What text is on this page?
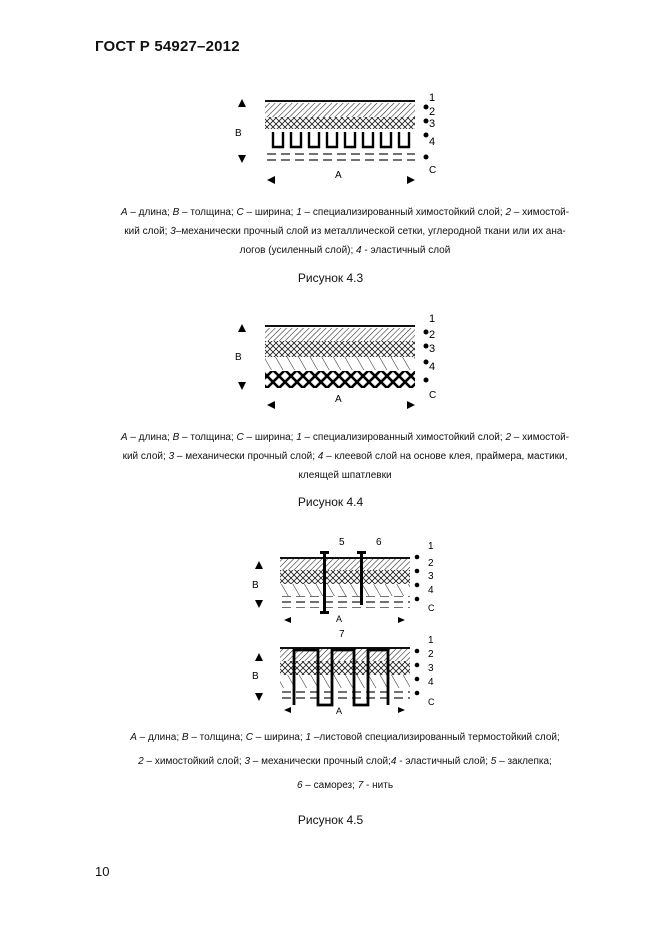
ГОСТ Р 54927–2012
B
A
1
2
3
4
C
A – длина; B – толщина; C – ширина; 1 – специализированный химостойкий слой; 2 – химостой-
кий слой; 3–механически прочный слой из металлической сетки, углеродной ткани или их ана-
логов (усиленный слой); 4 - эластичный слой
Рисунок 4.3
B
A
1
2
3
4
C
A – длина; B – толщина; C – ширина; 1 – специализированный химостойкий слой; 2 – химостой-
кий слой; 3 – механически прочный слой; 4 – клеевой слой на основе клея, праймера, мастики,
клеящей шпатлевки
Рисунок 4.4
5	6
B
A
1
2
3
4
C
7
B
A
1
2
3
4
C
A – длина; B – толщина; C – ширина; 1 –листовой специализированный термостойкий слой;
2 – химостойкий слой; 3 – механически прочный слой;4 - эластичный слой; 5 – заклепка;
6 – саморез; 7 - нить
Рисунок 4.5
10
